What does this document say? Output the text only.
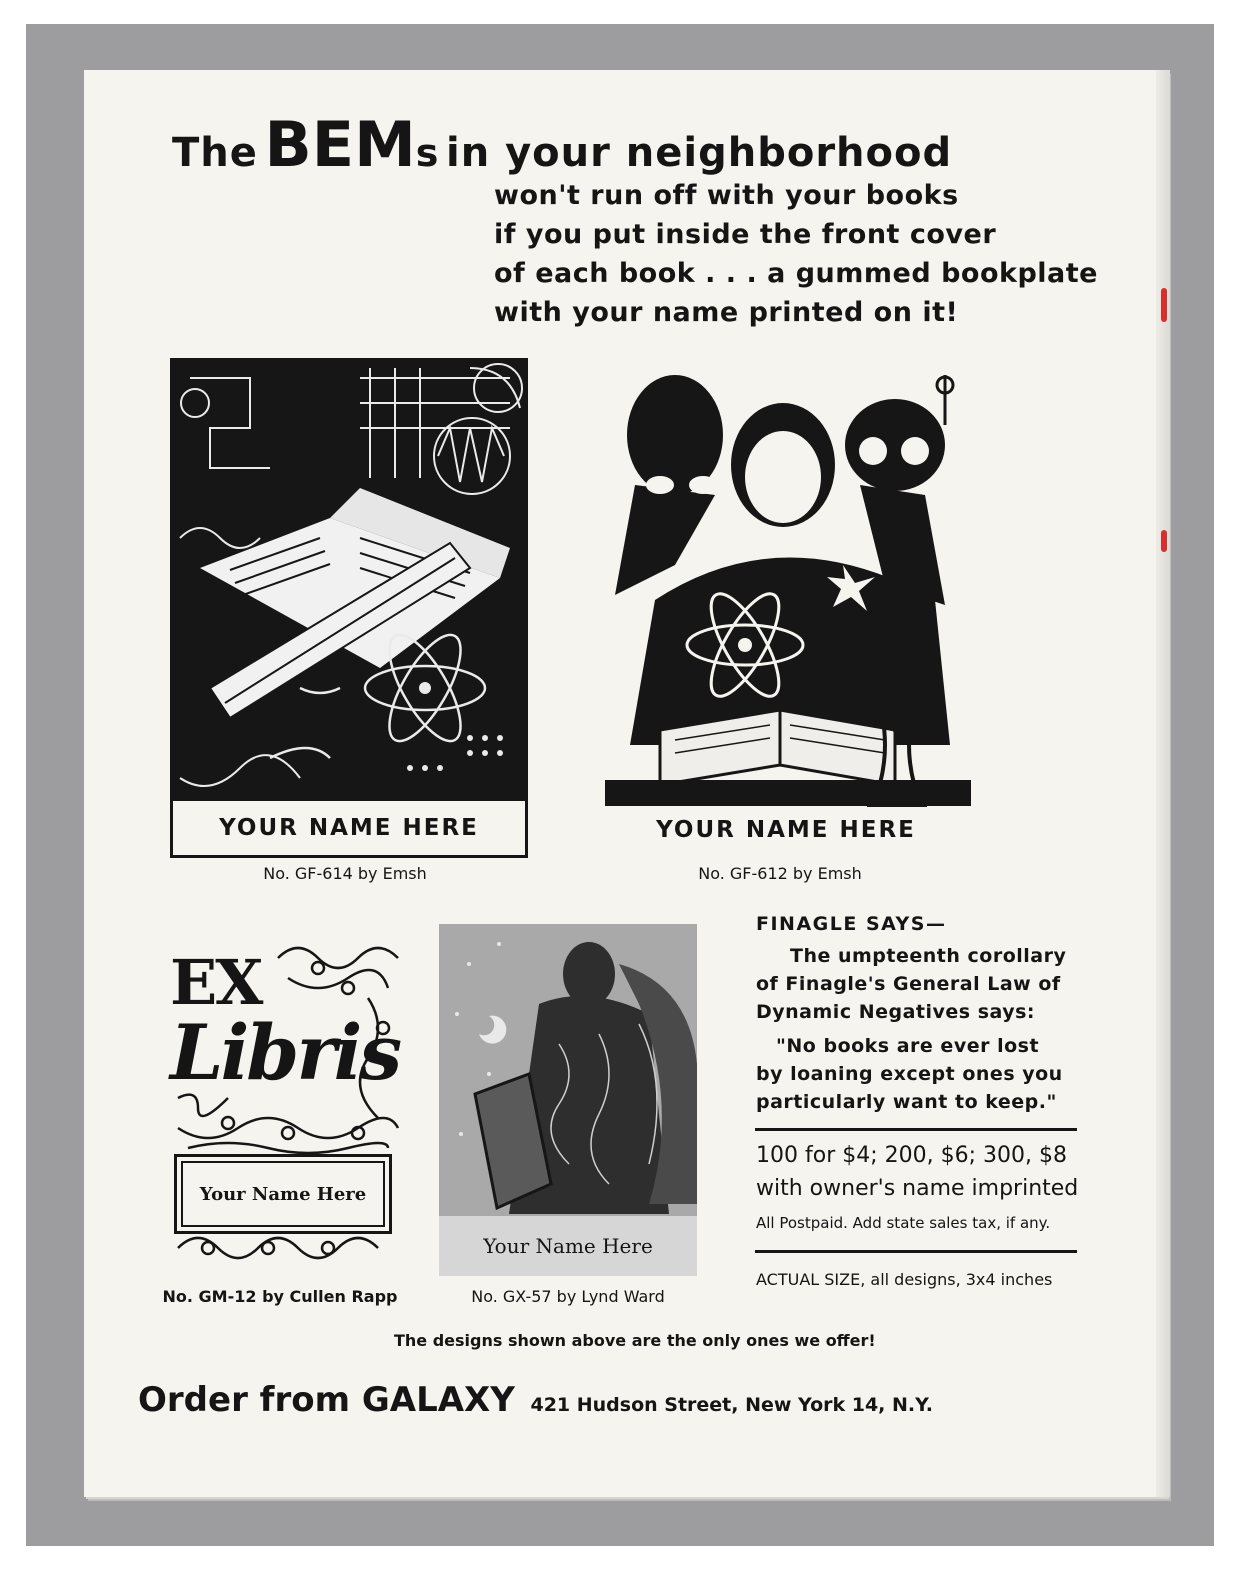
The BEMs in your neighborhood
won't run off with your books
if you put inside the front cover
of each book . . . a gummed bookplate
with your name printed on it!
YOUR NAME HERE
No. GF-614 by Emsh
YOUR NAME HERE
No. GF-612 by Emsh
EX
Libris
Your Name Here
No. GM-12 by Cullen Rapp
Your Name Here
No. GX-57 by Lynd Ward
FINAGLE SAYS—
The umpteenth corollary
of Finagle's General Law of
Dynamic Negatives says:
"No books are ever lost
by loaning except ones you
particularly want to keep."
100 for $4; 200, $6; 300, $8
with owner's name imprinted
All Postpaid. Add state sales tax, if any.
ACTUAL SIZE, all designs, 3x4 inches
The designs shown above are the only ones we offer!
Order from GALAXY 421 Hudson Street, New York 14, N.Y.
